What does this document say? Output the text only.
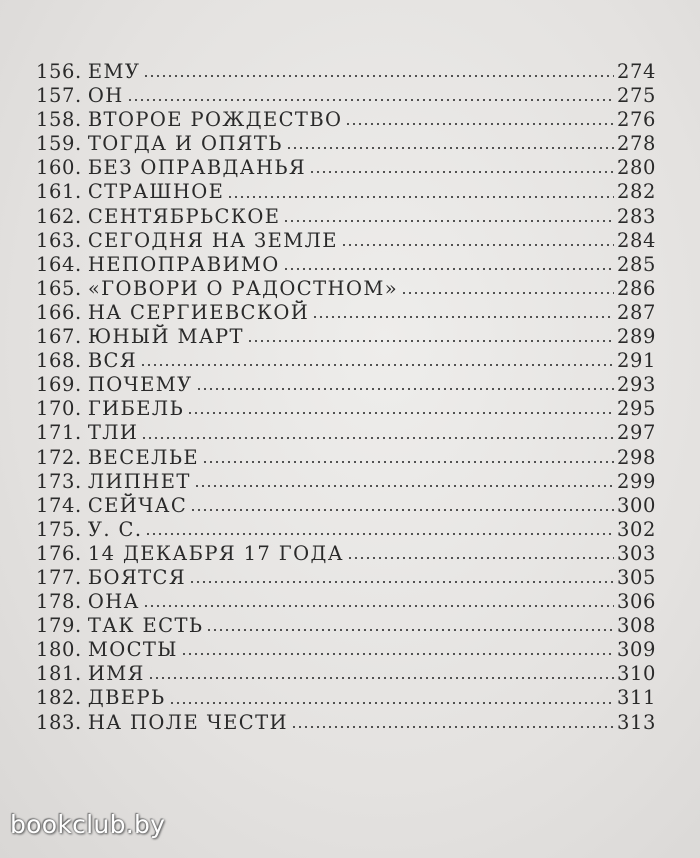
156. ЕМУ	274
157. ОН	275
158. ВТОРОЕ РОЖДЕСТВО	276
159. ТОГДА И ОПЯТЬ	278
160. БЕЗ ОПРАВДАНЬЯ	280
161. СТРАШНОЕ	282
162. СЕНТЯБРЬСКОЕ	283
163. СЕГОДНЯ НА ЗЕМЛЕ	284
164. НЕПОПРАВИМО	285
165. «ГОВОРИ О РАДОСТНОМ»	286
166. НА СЕРГИЕВСКОЙ	287
167. ЮНЫЙ МАРТ	289
168. ВСЯ	291
169. ПОЧЕМУ	293
170. ГИБЕЛЬ	295
171. ТЛИ	297
172. ВЕСЕЛЬЕ	298
173. ЛИПНЕТ	299
174. СЕЙЧАС	300
175. У. С.	302
176. 14 ДЕКАБРЯ 17 ГОДА	303
177. БОЯТСЯ	305
178. ОНА	306
179. ТАК ЕСТЬ	308
180. МОСТЫ	309
181. ИМЯ	310
182. ДВЕРЬ	311
183. НА ПОЛЕ ЧЕСТИ	313
bookclub.by
